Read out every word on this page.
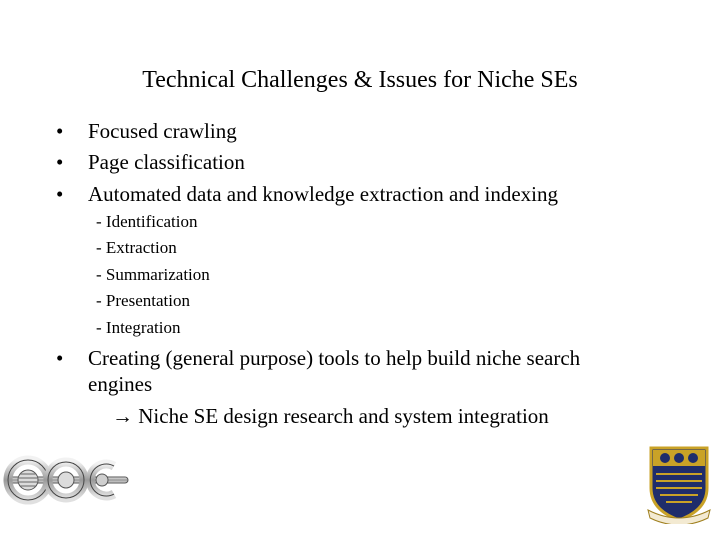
Technical Challenges & Issues for Niche SEs
•	Focused crawling
•	Page classification
•	Automated data and knowledge extraction and indexing
- Identification
- Extraction
- Summarization
- Presentation
- Integration
•	Creating (general purpose) tools to help build niche search
engines
→ Niche SE design research and system integration
